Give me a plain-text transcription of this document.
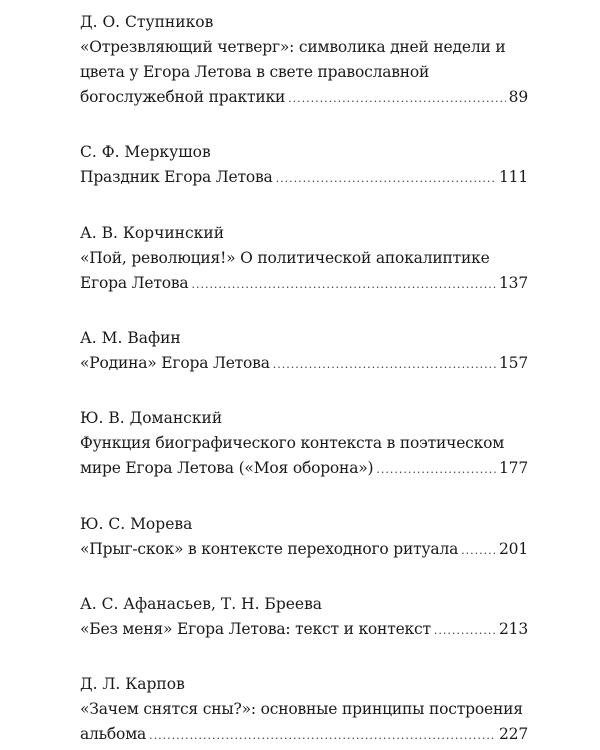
Д. О. Ступников
«Отрезвляющий четверг»: символика дней недели и
цвета у Егора Летова в свете православной
богослужебной практики .....	89
С. Ф. Меркушов
Праздник Егора Летова .....	111
А. В. Корчинский
«Пой, революция!» О политической апокалиптике
Егора Летова .....	137
А. М. Вафин
«Родина» Егора Летова .....	157
Ю. В. Доманский
Функция биографического контекста в поэтическом
мире Егора Летова («Моя оборона») .....	177
Ю. С. Морева
«Прыг-скок» в контексте переходного ритуала .....	201
А. С. Афанасьев, Т. Н. Бреева
«Без меня» Егора Летова: текст и контекст .....	213
Д. Л. Карпов
«Зачем снятся сны?»: основные принципы построения
альбома .....	227
